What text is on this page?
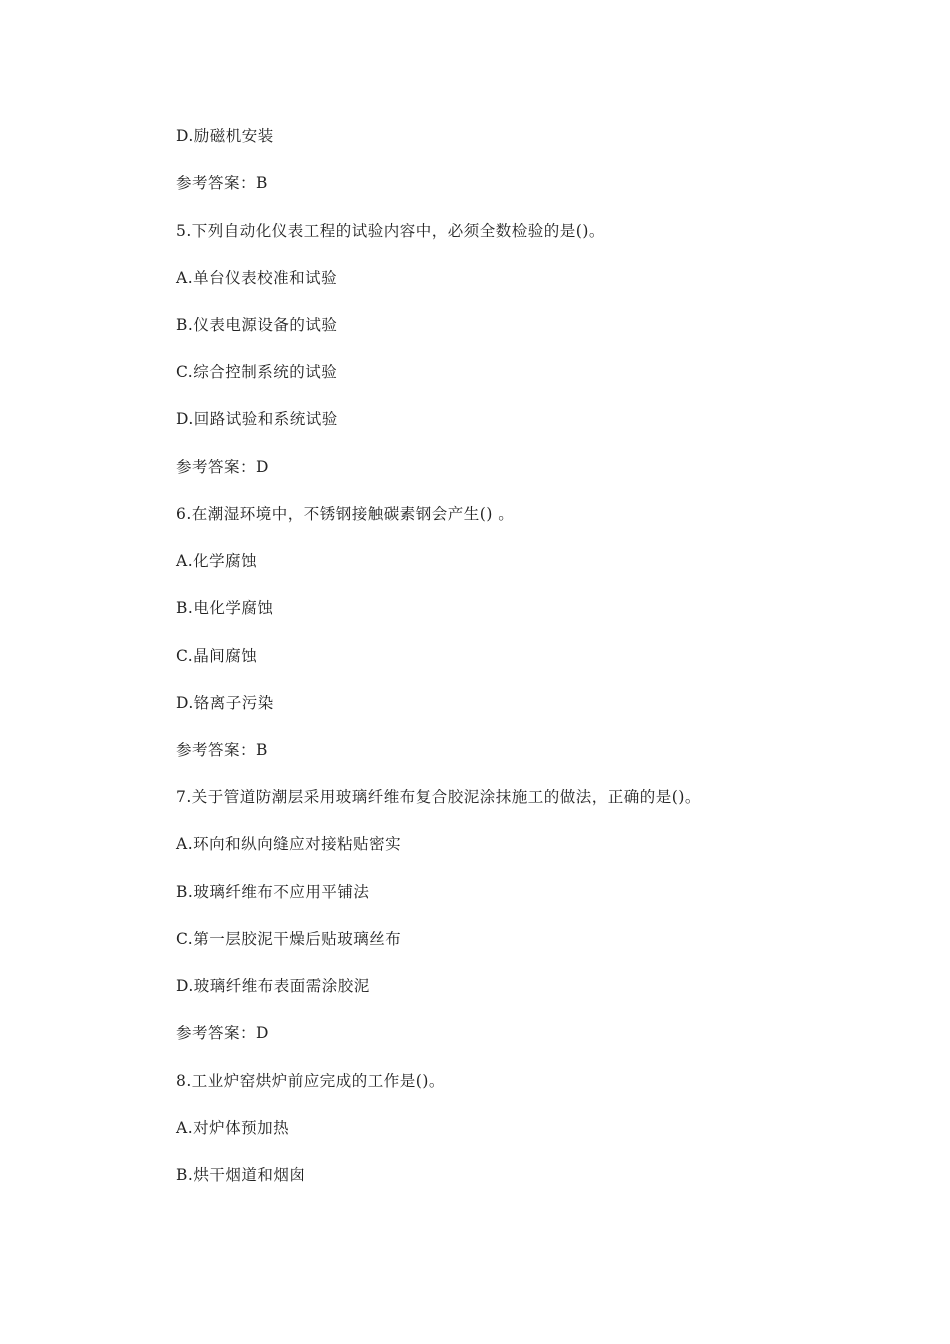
D.励磁机安装
参考答案：B
5.下列自动化仪表工程的试验内容中，必须全数检验的是()。
A.单台仪表校准和试验
B.仪表电源设备的试验
C.综合控制系统的试验
D.回路试验和系统试验
参考答案：D
6.在潮湿环境中，不锈钢接触碳素钢会产生() 。
A.化学腐蚀
B.电化学腐蚀
C.晶间腐蚀
D.铬离子污染
参考答案：B
7.关于管道防潮层采用玻璃纤维布复合胶泥涂抹施工的做法，正确的是()。
A.环向和纵向缝应对接粘贴密实
B.玻璃纤维布不应用平铺法
C.第一层胶泥干燥后贴玻璃丝布
D.玻璃纤维布表面需涂胶泥
参考答案：D
8.工业炉窑烘炉前应完成的工作是()。
A.对炉体预加热
B.烘干烟道和烟囱
